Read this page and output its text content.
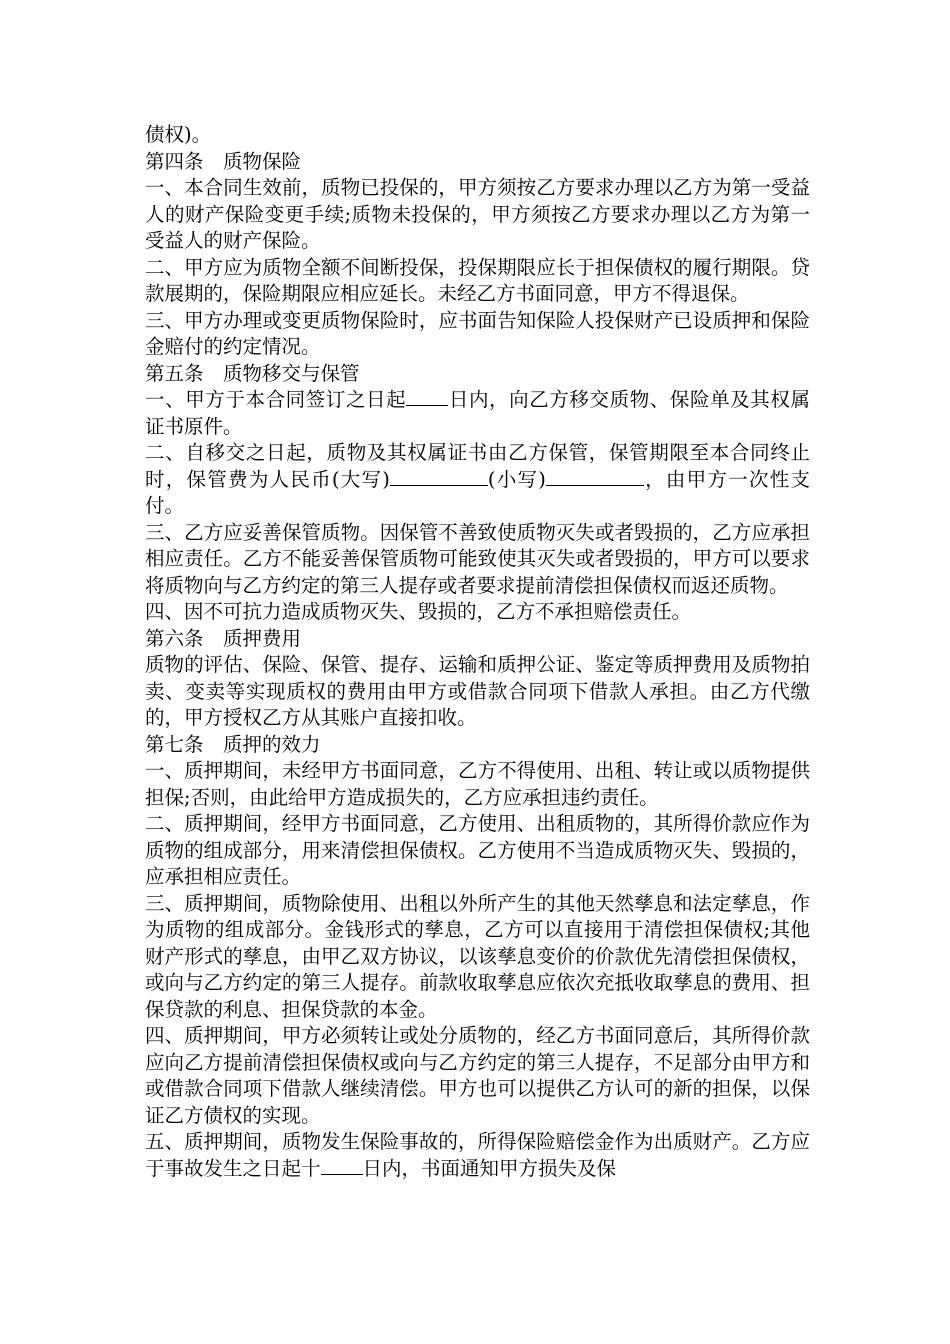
债权)。

第四条　质物保险

一、本合同生效前，质物已投保的，甲方须按乙方要求办理以乙方为第一受益人的财产保险变更手续;质物未投保的，甲方须按乙方要求办理以乙方为第一受益人的财产保险。

二、甲方应为质物全额不间断投保，投保期限应长于担保债权的履行期限。贷款展期的，保险期限应相应延长。未经乙方书面同意，甲方不得退保。

三、甲方办理或变更质物保险时，应书面告知保险人投保财产已设质押和保险金赔付的约定情况。

第五条　质物移交与保管

一、甲方于本合同签订之日起 日内，向乙方移交质物、保险单及其权属证书原件。

二、自移交之日起，质物及其权属证书由乙方保管，保管期限至本合同终止时，保管费为人民币(大写)	(小写)	，由甲方一次性支付。

三、乙方应妥善保管质物。因保管不善致使质物灭失或者毁损的，乙方应承担相应责任。乙方不能妥善保管质物可能致使其灭失或者毁损的，甲方可以要求将质物向与乙方约定的第三人提存或者要求提前清偿担保债权而返还质物。

四、因不可抗力造成质物灭失、毁损的，乙方不承担赔偿责任。

第六条　质押费用

质物的评估、保险、保管、提存、运输和质押公证、鉴定等质押费用及质物拍卖、变卖等实现质权的费用由甲方或借款合同项下借款人承担。由乙方代缴的，甲方授权乙方从其账户直接扣收。

第七条　质押的效力

一、质押期间，未经甲方书面同意，乙方不得使用、出租、转让或以质物提供担保;否则，由此给甲方造成损失的，乙方应承担违约责任。

二、质押期间，经甲方书面同意，乙方使用、出租质物的，其所得价款应作为质物的组成部分，用来清偿担保债权。乙方使用不当造成质物灭失、毁损的，应承担相应责任。

三、质押期间，质物除使用、出租以外所产生的其他天然孳息和法定孳息，作为质物的组成部分。金钱形式的孳息，乙方可以直接用于清偿担保债权;其他财产形式的孳息，由甲乙双方协议，以该孳息变价的价款优先清偿担保债权，或向与乙方约定的第三人提存。前款收取孳息应依次充抵收取孳息的费用、担保贷款的利息、担保贷款的本金。

四、质押期间，甲方必须转让或处分质物的，经乙方书面同意后，其所得价款应向乙方提前清偿担保债权或向与乙方约定的第三人提存，不足部分由甲方和或借款合同项下借款人继续清偿。甲方也可以提供乙方认可的新的担保，以保证乙方债权的实现。

五、质押期间，质物发生保险事故的，所得保险赔偿金作为出质财产。乙方应于事故发生之日起十 日内，书面通知甲方损失及保
